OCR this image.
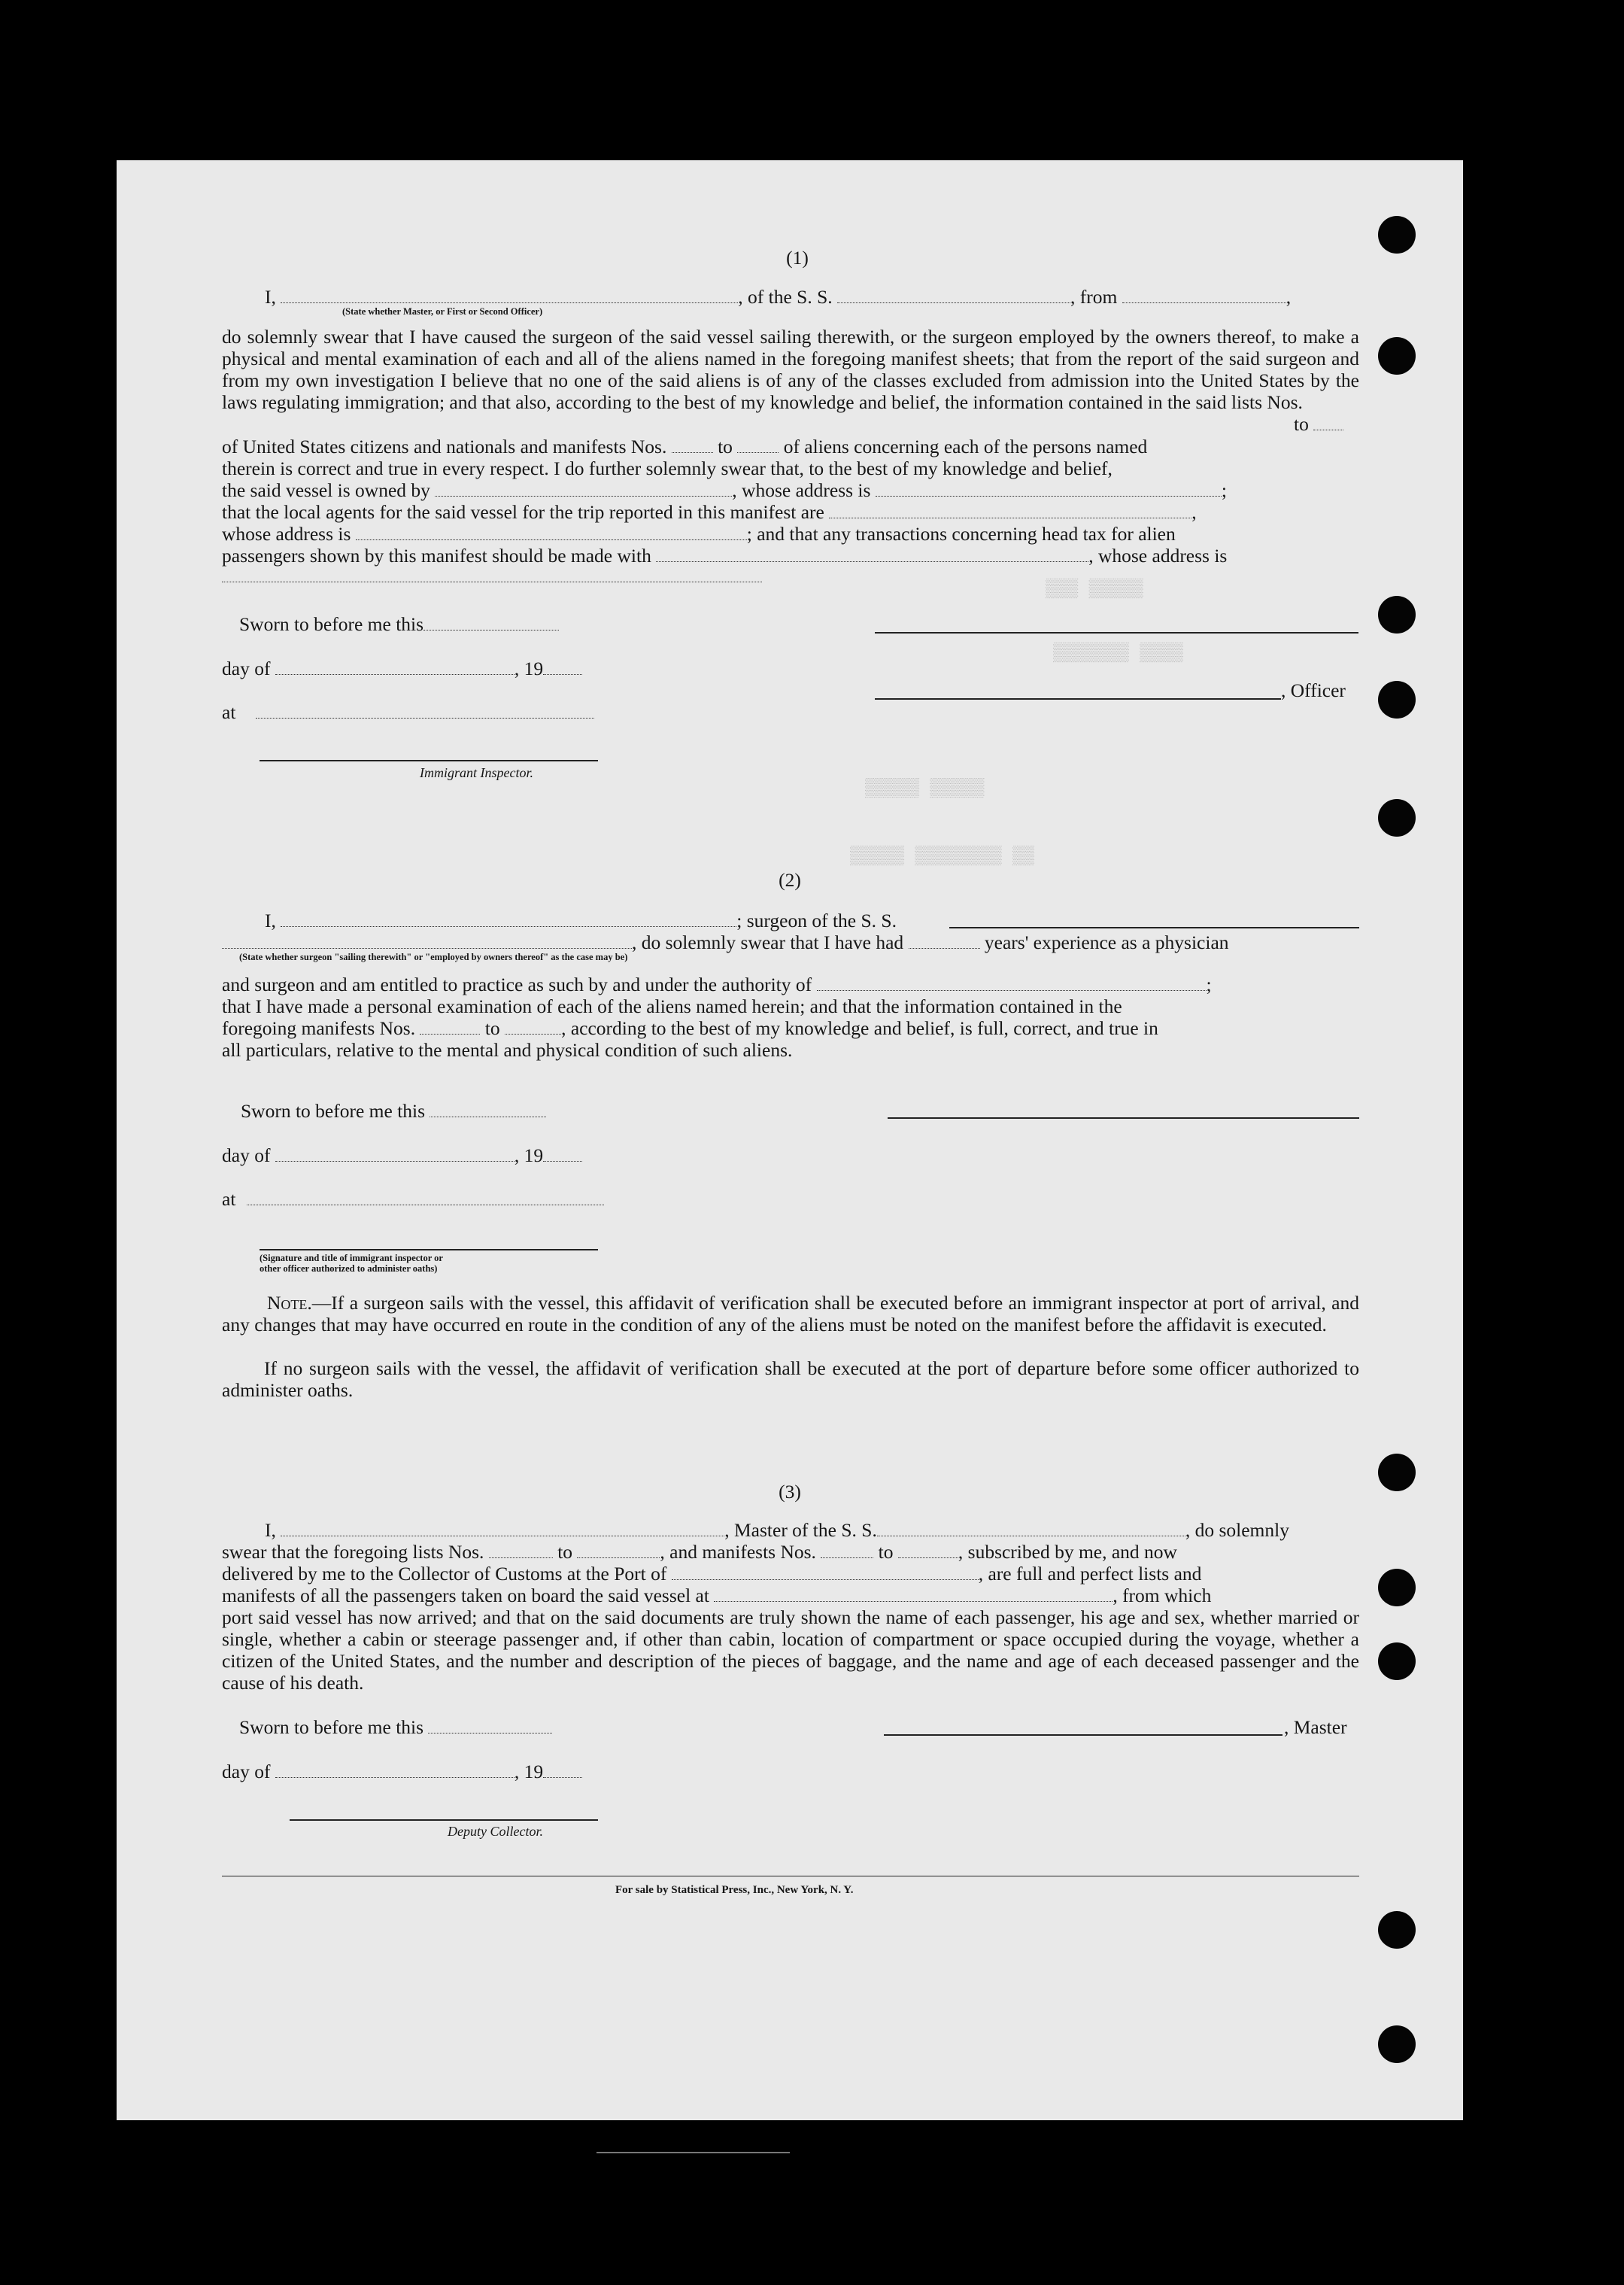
▒▒▒ ▒▒▒▒▒
▒▒▒▒▒▒▒ ▒▒▒▒
▒▒▒▒▒ ▒▒▒▒▒
▒▒▒▒▒ ▒▒▒▒▒▒▒▒ ▒▒
(1)
I,	, of the S. S.	, from	,
(State whether Master, or First or Second Officer)
do solemnly swear that I have caused the surgeon of the said vessel sailing therewith, or the surgeon employed by the owners thereof, to make a physical and mental examination of each and all of the aliens named in the foregoing manifest sheets; that from the report of the said surgeon and from my own investigation I believe that no one of the said aliens is of any of the classes excluded from admission into the United States by the laws regulating immigration; and that also, according to the best of my knowledge and belief, the information contained in the said lists Nos.
to
of United States citizens and nationals and manifests Nos.	to	of aliens concerning each of the persons named
therein is correct and true in every respect. I do further solemnly swear that, to the best of my knowledge and belief,
the said vessel is owned by	, whose address is	;
that the local agents for the said vessel for the trip reported in this manifest are	,
whose address is	; and that any transactions concerning head tax for alien
passengers shown by this manifest should be made with	, whose address is
Sworn to before me this
day of	, 19
at
Immigrant Inspector.
, Officer
(2)
I,	; surgeon of the S. S.
, do solemnly swear that I have had	years' experience as a physician
(State whether surgeon "sailing therewith" or "employed by owners thereof" as the case may be)
and surgeon and am entitled to practice as such by and under the authority of	;
that I have made a personal examination of each of the aliens named herein; and that the information contained in the
foregoing manifests Nos.	to	, according to the best of my knowledge and belief, is full, correct, and true in
all particulars, relative to the mental and physical condition of such aliens.
Sworn to before me this
day of	, 19
at
(Signature and title of immigrant inspector or
other officer authorized to administer oaths)
Note.—If a surgeon sails with the vessel, this affidavit of verification shall be executed before an immigrant inspector at port of arrival, and any changes that may have occurred en route in the condition of any of the aliens must be noted on the manifest before the affidavit is executed.
If no surgeon sails with the vessel, the affidavit of verification shall be executed at the port of departure before some officer authorized to administer oaths.
(3)
I,	, Master of the S. S.	, do solemnly
swear that the foregoing lists Nos.	to	, and manifests Nos.	to	, subscribed by me, and now
delivered by me to the Collector of Customs at the Port of	, are full and perfect lists and
manifests of all the passengers taken on board the said vessel at	, from which
port said vessel has now arrived; and that on the said documents are truly shown the name of each passenger, his age and sex, whether married or single, whether a cabin or steerage passenger and, if other than cabin, location of compartment or space occupied during the voyage, whether a citizen of the United States, and the number and description of the pieces of baggage, and the name and age of each deceased passenger and the cause of his death.
Sworn to before me this	, Master
day of	, 19
Deputy Collector.
For sale by Statistical Press, Inc., New York, N. Y.
